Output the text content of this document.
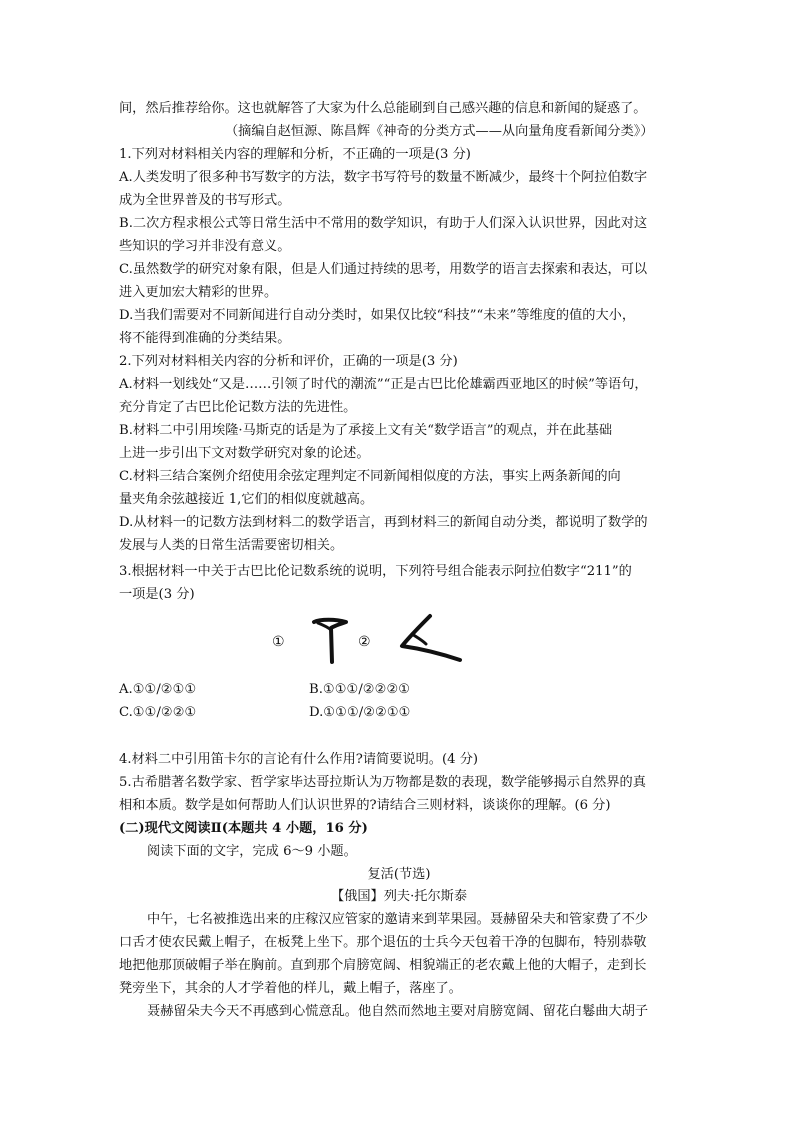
间，然后推荐给你。这也就解答了大家为什么总能刷到自己感兴趣的信息和新闻的疑惑了。
（摘编自赵恒源、陈昌辉《神奇的分类方式——从向量角度看新闻分类》）
1.下列对材料相关内容的理解和分析，不正确的一项是(3 分)
A.人类发明了很多种书写数字的方法，数字书写符号的数量不断减少，最终十个阿拉伯数字
成为全世界普及的书写形式。
B.二次方程求根公式等日常生活中不常用的数学知识，有助于人们深入认识世界，因此对这
些知识的学习并非没有意义。
C.虽然数学的研究对象有限，但是人们通过持续的思考，用数学的语言去探索和表达，可以
进入更加宏大精彩的世界。
D.当我们需要对不同新闻进行自动分类时，如果仅比较“科技”“未来”等维度的值的大小，
将不能得到准确的分类结果。
2.下列对材料相关内容的分析和评价，正确的一项是(3 分)
A.材料一划线处“又是……引领了时代的潮流”“正是古巴比伦雄霸西亚地区的时候”等语句，
充分肯定了古巴比伦记数方法的先进性。
B.材料二中引用埃隆·马斯克的话是为了承接上文有关“数学语言”的观点，并在此基础
上进一步引出下文对数学研究对象的论述。
C.材料三结合案例介绍使用余弦定理判定不同新闻相似度的方法，事实上两条新闻的向
量夹角余弦越接近 1,它们的相似度就越高。
D.从材料一的记数方法到材料二的数学语言，再到材料三的新闻自动分类，都说明了数学的
发展与人类的日常生活需要密切相关。
3.根据材料一中关于古巴比伦记数系统的说明，下列符号组合能表示阿拉伯数字“211”的
一项是(3 分)
①	②
A.①①/②①①	B.①①①/②②②①
C.①①/②②①	D.①①①/②②①①
4.材料二中引用笛卡尔的言论有什么作用?请简要说明。(4 分)
5.古希腊著名数学家、哲学家毕达哥拉斯认为万物都是数的表现，数学能够揭示自然界的真
相和本质。数学是如何帮助人们认识世界的?请结合三则材料，谈谈你的理解。(6 分)
(二)现代文阅读Ⅱ(本题共 4 小题，16 分)
阅读下面的文字，完成 6～9 小题。
复活(节选)
【俄国】列夫·托尔斯泰
中午，七名被推选出来的庄稼汉应管家的邀请来到苹果园。聂赫留朵夫和管家费了不少
口舌才使农民戴上帽子，在板凳上坐下。那个退伍的士兵今天包着干净的包脚布，特别恭敬
地把他那顶破帽子举在胸前。直到那个肩膀宽阔、相貌端正的老农戴上他的大帽子，走到长
凳旁坐下，其余的人才学着他的样儿，戴上帽子，落座了。
聂赫留朵夫今天不再感到心慌意乱。他自然而然地主要对肩膀宽阔、留花白鬈曲大胡子
